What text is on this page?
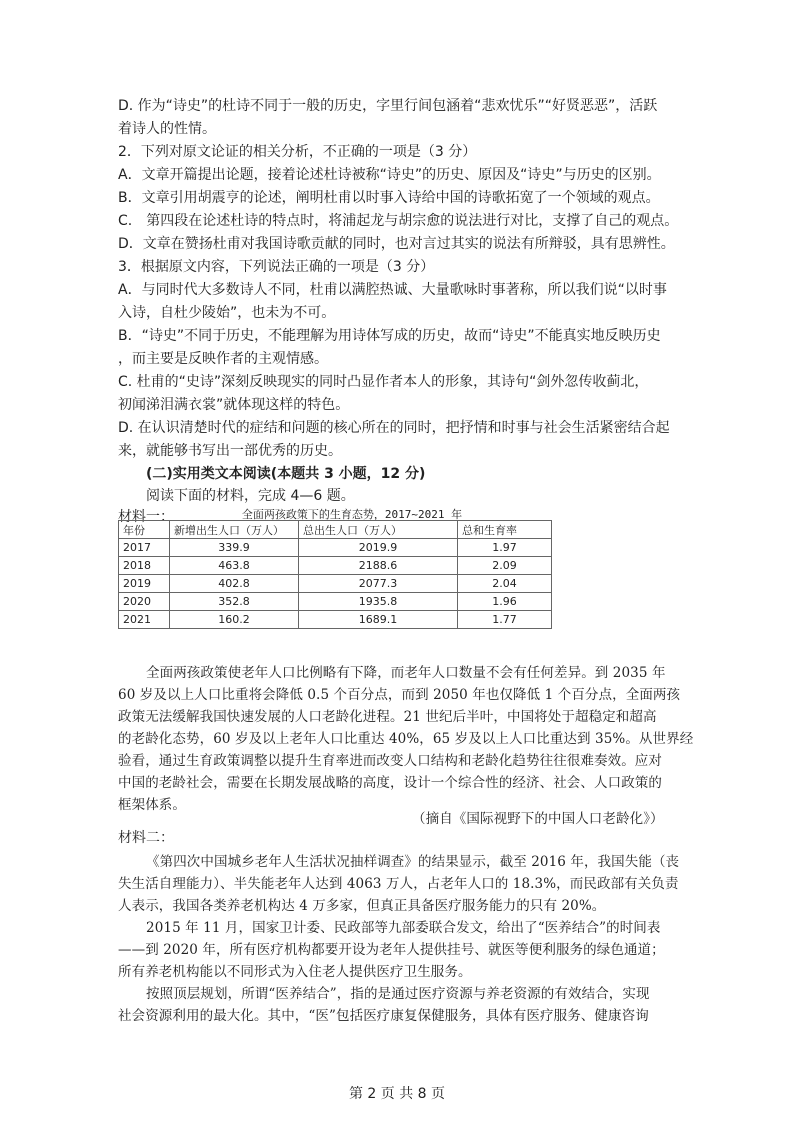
D. 作为“诗史”的杜诗不同于一般的历史，字里行间包涵着“悲欢忧乐”“好贤恶恶”，活跃
着诗人的性情。
2．下列对原文论证的相关分析，不正确的一项是（3 分）
A．文章开篇提出论题，接着论述杜诗被称“诗史”的历史、原因及“诗史”与历史的区别。
B．文章引用胡震亨的论述，阐明杜甫以时事入诗给中国的诗歌拓宽了一个领域的观点。
C.　第四段在论述杜诗的特点时，将浦起龙与胡宗愈的说法进行对比，支撑了自己的观点。
D．文章在赞扬杜甫对我国诗歌贡献的同时，也对言过其实的说法有所辩驳，具有思辨性。
3．根据原文内容，下列说法正确的一项是（3 分）
A．与同时代大多数诗人不同，杜甫以满腔热诚、大量歌咏时事著称，所以我们说“以时事
入诗，自杜少陵始”，也未为不可。
B．“诗史”不同于历史，不能理解为用诗体写成的历史，故而“诗史”不能真实地反映历史
，而主要是反映作者的主观情感。
C. 杜甫的“史诗”深刻反映现实的同时凸显作者本人的形象，其诗句“剑外忽传收蓟北，
初闻涕泪满衣裳”就体现这样的特色。
D. 在认识清楚时代的症结和问题的核心所在的同时，把抒情和时事与社会生活紧密结合起
来，就能够书写出一部优秀的历史。
(二)实用类文本阅读(本题共 3 小题，12 分)
阅读下面的材料，完成 4—6 题。
材料一：	全面两孩政策下的生育态势，2017~2021 年
年份	新增出生人口（万人）	总出生人口（万人）	总和生育率
2017	339.9	2019.9	1.97
2018	463.8	2188.6	2.09
2019	402.8	2077.3	2.04
2020	352.8	1935.8	1.96
2021	160.2	1689.1	1.77
全面两孩政策使老年人口比例略有下降，而老年人口数量不会有任何差异。到 2035 年
60 岁及以上人口比重将会降低 0.5 个百分点，而到 2050 年也仅降低 1 个百分点，全面两孩
政策无法缓解我国快速发展的人口老龄化进程。21 世纪后半叶，中国将处于超稳定和超高
的老龄化态势，60 岁及以上老年人口比重达 40%，65 岁及以上人口比重达到 35%。从世界经
验看，通过生育政策调整以提升生育率进而改变人口结构和老龄化趋势往往很难奏效。应对
中国的老龄社会，需要在长期发展战略的高度，设计一个综合性的经济、社会、人口政策的
框架体系。
（摘自《国际视野下的中国人口老龄化》）
材料二：
《第四次中国城乡老年人生活状况抽样调查》的结果显示，截至 2016 年，我国失能（丧
失生活自理能力）、半失能老年人达到 4063 万人，占老年人口的 18.3%，而民政部有关负责
人表示，我国各类养老机构达 4 万多家，但真正具备医疗服务能力的只有 20%。
2015 年 11 月，国家卫计委、民政部等九部委联合发文，给出了“医养结合”的时间表
——到 2020 年，所有医疗机构都要开设为老年人提供挂号、就医等便利服务的绿色通道；
所有养老机构能以不同形式为入住老人提供医疗卫生服务。
按照顶层规划，所谓“医养结合”，指的是通过医疗资源与养老资源的有效结合，实现
社会资源利用的最大化。其中，“医”包括医疗康复保健服务，具体有医疗服务、健康咨询
第 2 页 共 8 页
